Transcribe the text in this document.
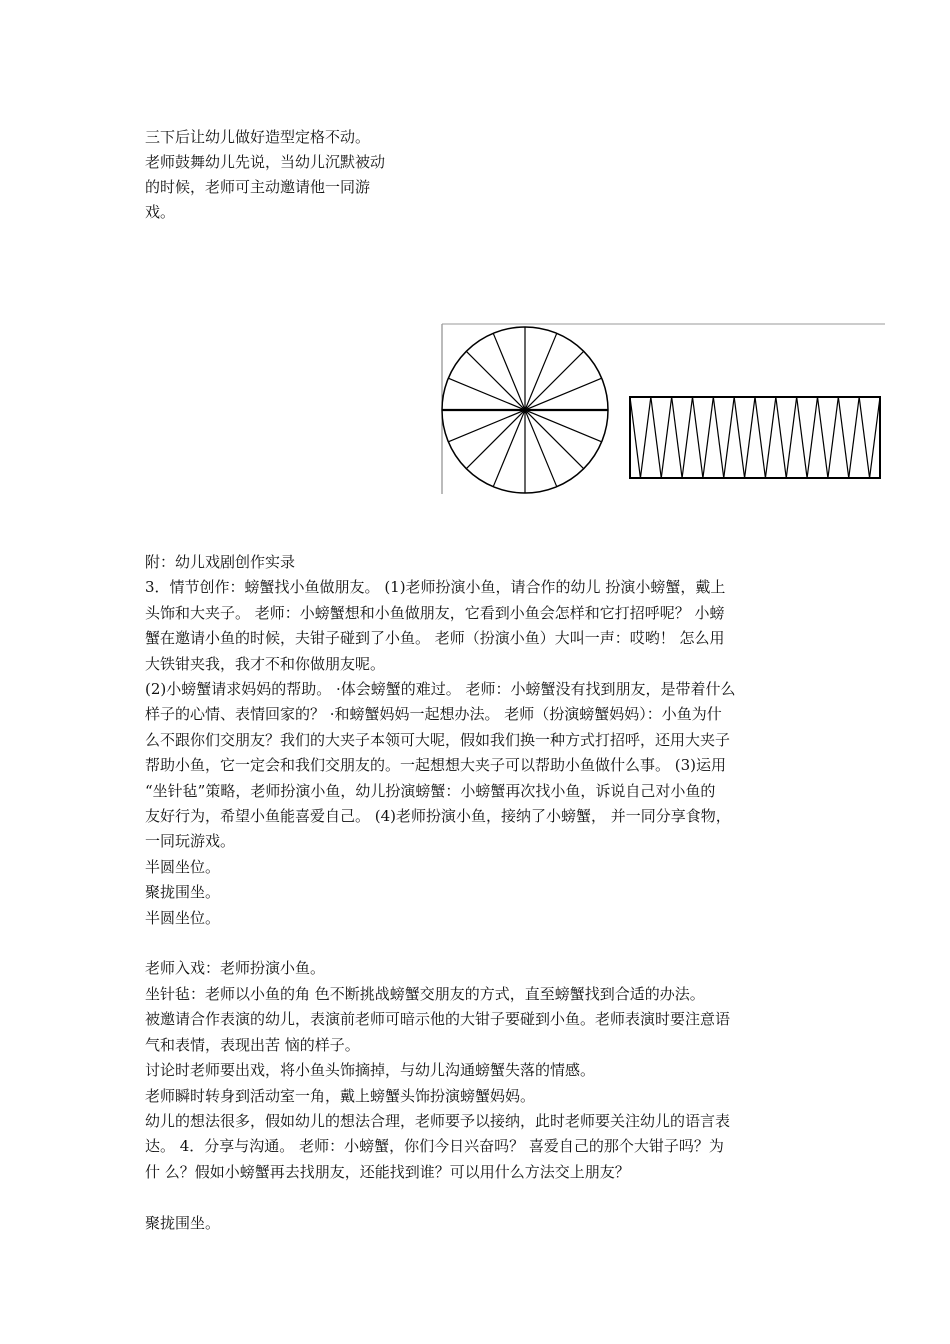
三下后让幼儿做好造型定格不动。

老师鼓舞幼儿先说，当幼儿沉默被动

的时候，老师可主动邀请他一同游

戏。

附：幼儿戏剧创作实录

3．情节创作：螃蟹找小鱼做朋友。 (1)老师扮演小鱼，请合作的幼儿 扮演小螃蟹，戴上

头饰和大夹子。 老师：小螃蟹想和小鱼做朋友，它看到小鱼会怎样和它打招呼呢？ 小螃

蟹在邀请小鱼的时候，夫钳子碰到了小鱼。 老师（扮演小鱼）大叫一声：哎哟！ 怎么用

大铁钳夹我，我才不和你做朋友呢。

(2)小螃蟹请求妈妈的帮助。 ·体会螃蟹的难过。 老师：小螃蟹没有找到朋友，是带着什么

样子的心情、表情回家的？ ·和螃蟹妈妈一起想办法。 老师（扮演螃蟹妈妈）：小鱼为什

么不跟你们交朋友？我们的大夹子本领可大呢，假如我们换一种方式打招呼，还用大夹子

帮助小鱼，它一定会和我们交朋友的。一起想想大夹子可以帮助小鱼做什么事。 (3)运用

“坐针毡”策略，老师扮演小鱼，幼儿扮演螃蟹：小螃蟹再次找小鱼，诉说自己对小鱼的

友好行为，希望小鱼能喜爱自己。 (4)老师扮演小鱼，接纳了小螃蟹， 并一同分享食物，

一同玩游戏。

半圆坐位。

聚拢围坐。

半圆坐位。

老师入戏：老师扮演小鱼。

坐针毡：老师以小鱼的角 色不断挑战螃蟹交朋友的方式，直至螃蟹找到合适的办法。

被邀请合作表演的幼儿，表演前老师可暗示他的大钳子要碰到小鱼。老师表演时要注意语

气和表情，表现出苦 恼的样子。

讨论时老师要出戏，将小鱼头饰摘掉，与幼儿沟通螃蟹失落的情感。

老师瞬时转身到活动室一角，戴上螃蟹头饰扮演螃蟹妈妈。

幼儿的想法很多，假如幼儿的想法合理，老师要予以接纳，此时老师要关注幼儿的语言表

达。 4．分享与沟通。 老师：小螃蟹，你们今日兴奋吗？ 喜爱自己的那个大钳子吗？为

什 么？假如小螃蟹再去找朋友，还能找到谁？可以用什么方法交上朋友？

聚拢围坐。
